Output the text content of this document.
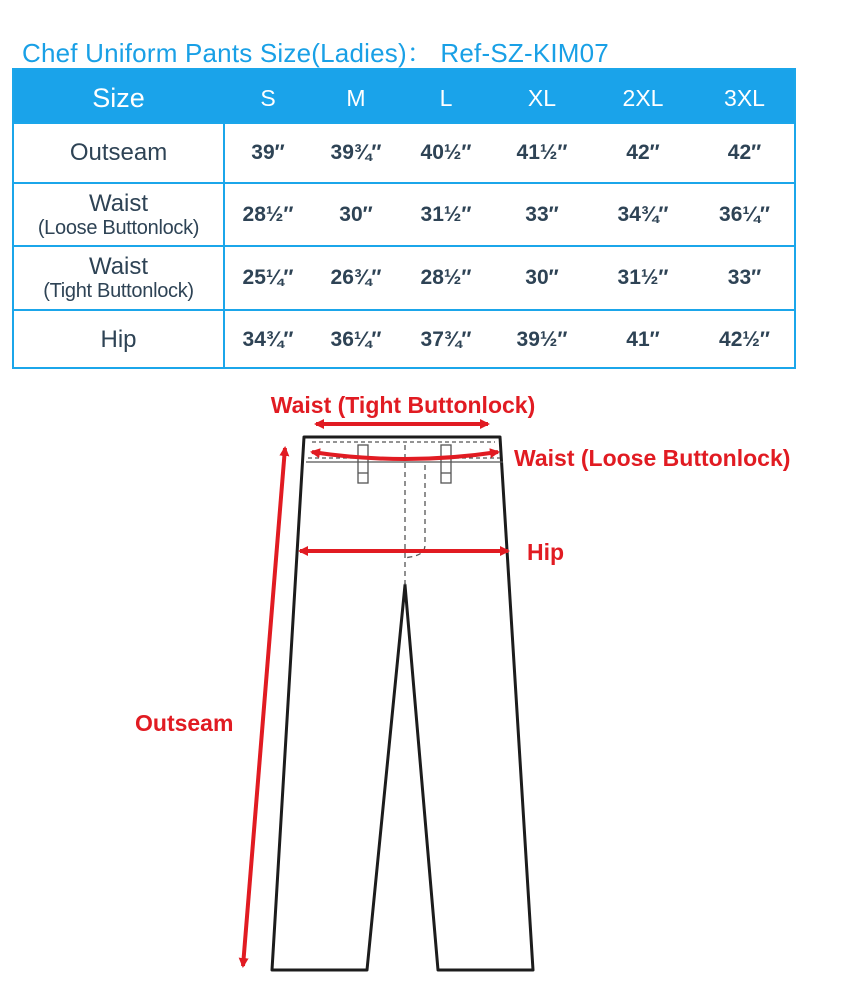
Chef Uniform Pants Size(Ladies)： Ref-SZ-KIM07
Size	S	M	L	XL	2XL	3XL
Outseam	39″	39¾″	40½″	41½″	42″	42″
Waist
(Loose Buttonlock)
28½″	30″	31½″	33″	34¾″	36¼″
Waist
(Tight Buttonlock)
25¼″	26¾″	28½″	30″	31½″	33″
Hip	34¾″	36¼″	37¾″	39½″	41″	42½″
Waist (Tight Buttonlock)
Waist (Loose Buttonlock)
Hip
Outseam
